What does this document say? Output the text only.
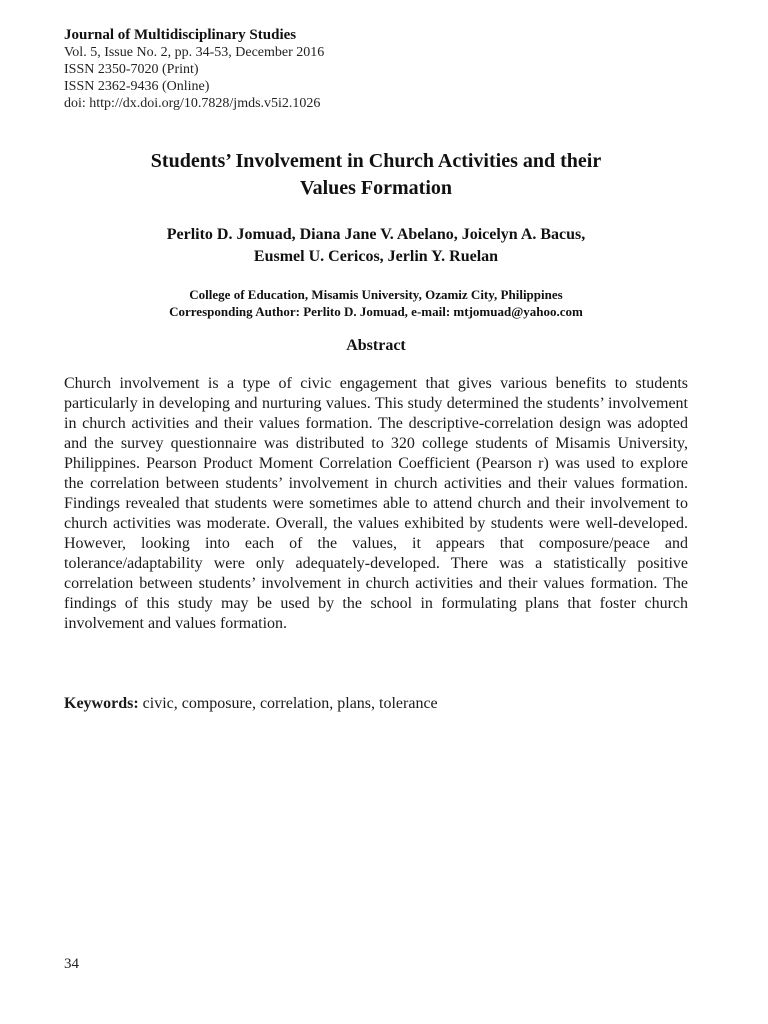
Journal of Multidisciplinary Studies
Vol. 5, Issue No. 2, pp. 34-53, December 2016
ISSN 2350-7020 (Print)
ISSN 2362-9436 (Online)
doi: http://dx.doi.org/10.7828/jmds.v5i2.1026
Students’ Involvement in Church Activities and their
Values Formation
Perlito D. Jomuad, Diana Jane V. Abelano, Joicelyn A. Bacus,
Eusmel U. Cericos, Jerlin Y. Ruelan
College of Education, Misamis University, Ozamiz City, Philippines
Corresponding Author: Perlito D. Jomuad, e-mail: mtjomuad@yahoo.com
Abstract
Church involvement is a type of civic engagement that gives various benefits to students particularly in developing and nurturing values. This study determined the students’ involvement in church activities and their values formation. The descriptive-correlation design was adopted and the survey questionnaire was distributed to 320 college students of Misamis University, Philippines. Pearson Product Moment Correlation Coefficient (Pearson r) was used to explore the correlation between students’ involvement in church activities and their values formation. Findings revealed that students were sometimes able to attend church and their involvement to church activities was moderate. Overall, the values exhibited by students were well-developed. However, looking into each of the values, it appears that composure/peace and tolerance/adaptability were only adequately-developed. There was a statistically positive correlation between students’ involvement in church activities and their values formation. The findings of this study may be used by the school in formulating plans that foster church involvement and values formation.
Keywords: civic, composure, correlation, plans, tolerance
34
